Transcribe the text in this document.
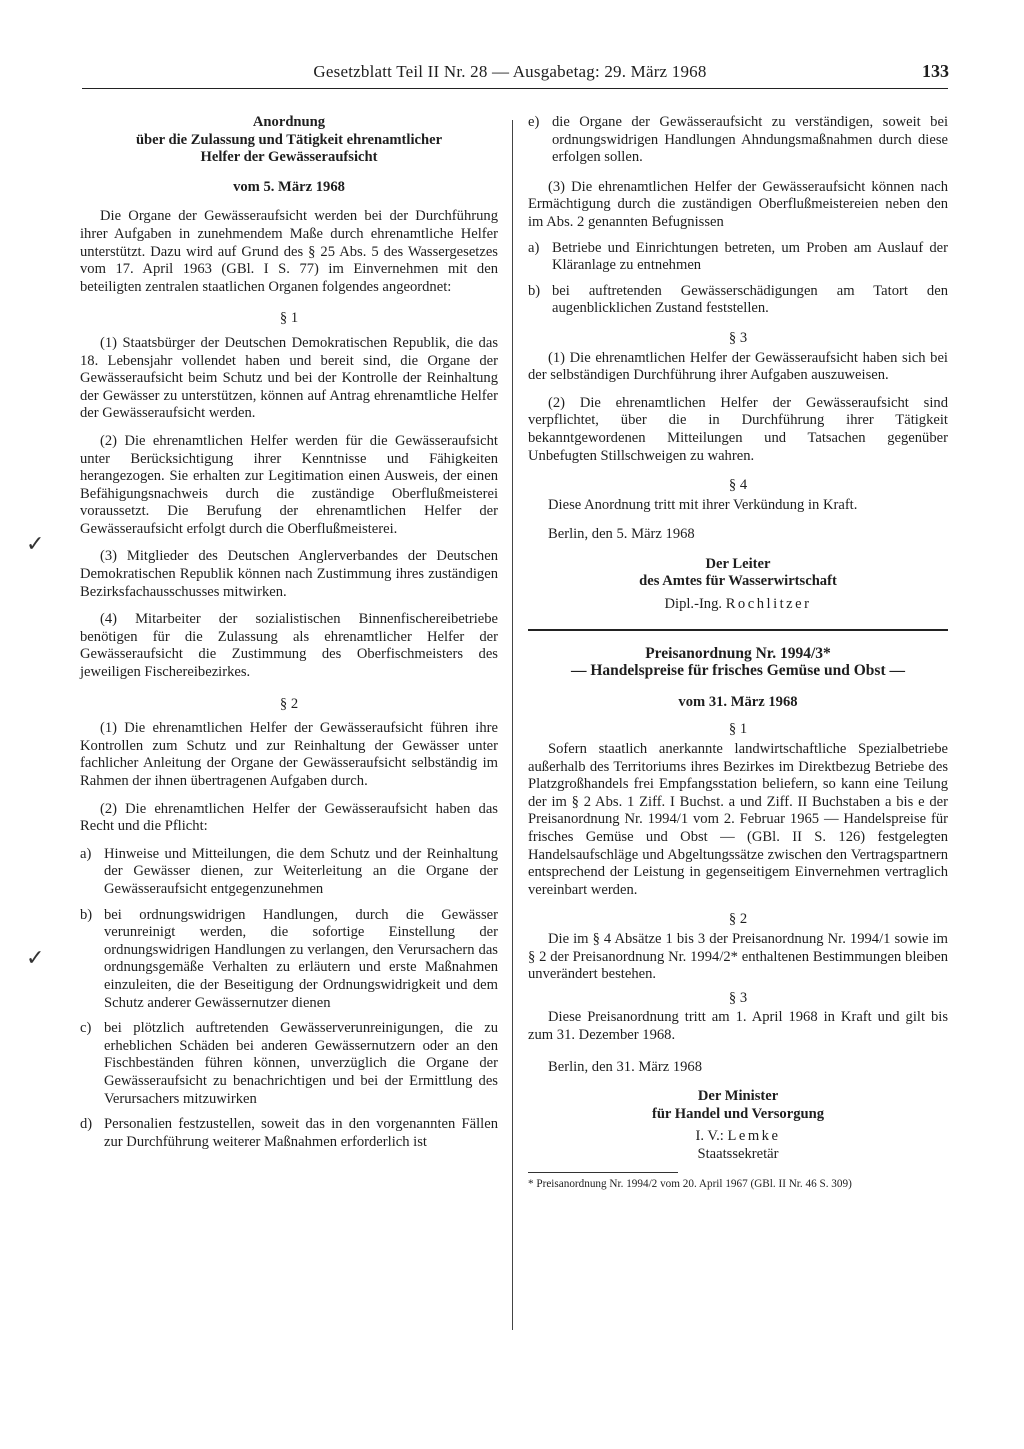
Gesetzblatt Teil II Nr. 28 — Ausgabetag: 29. März 1968	133
✓
✓

Anordnung

über die Zulassung und Tätigkeit ehrenamtlicher

Helfer der Gewässeraufsicht

vom 5. März 1968

Die Organe der Gewässeraufsicht werden bei der Durchführung ihrer Aufgaben in zunehmendem Maße durch ehrenamtliche Helfer unterstützt. Dazu wird auf Grund des § 25 Abs. 5 des Wassergesetzes vom 17. April 1963 (GBl. I S. 77) im Einvernehmen mit den beteiligten zentralen staatlichen Organen folgendes angeordnet:

§ 1

(1) Staatsbürger der Deutschen Demokratischen Republik, die das 18. Lebensjahr vollendet haben und bereit sind, die Organe der Gewässeraufsicht beim Schutz und bei der Kontrolle der Reinhaltung der Gewässer zu unterstützen, können auf Antrag ehrenamtliche Helfer der Gewässeraufsicht werden.

(2) Die ehrenamtlichen Helfer werden für die Gewässeraufsicht unter Berücksichtigung ihrer Kenntnisse und Fähigkeiten herangezogen. Sie erhalten zur Legitimation einen Ausweis, der einen Befähigungsnachweis durch die zuständige Oberflußmeisterei voraussetzt. Die Berufung der ehrenamtlichen Helfer der Gewässeraufsicht erfolgt durch die Oberflußmeisterei.

(3) Mitglieder des Deutschen Anglerverbandes der Deutschen Demokratischen Republik können nach Zustimmung ihres zuständigen Bezirksfachausschusses mitwirken.

(4) Mitarbeiter der sozialistischen Binnenfischereibetriebe benötigen für die Zulassung als ehrenamtlicher Helfer der Gewässeraufsicht die Zustimmung des Oberfischmeisters des jeweiligen Fischereibezirkes.

§ 2

(1) Die ehrenamtlichen Helfer der Gewässeraufsicht führen ihre Kontrollen zum Schutz und zur Reinhaltung der Gewässer unter fachlicher Anleitung der Organe der Gewässeraufsicht selbständig im Rahmen der ihnen übertragenen Aufgaben durch.

(2) Die ehrenamtlichen Helfer der Gewässeraufsicht haben das Recht und die Pflicht:

a) Hinweise und Mitteilungen, die dem Schutz und der Reinhaltung der Gewässer dienen, zur Weiterleitung an die Organe der Gewässeraufsicht entgegenzunehmen
b) bei ordnungswidrigen Handlungen, durch die Gewässer verunreinigt werden, die sofortige Einstellung der ordnungswidrigen Handlungen zu verlangen, den Verursachern das ordnungsgemäße Verhalten zu erläutern und erste Maßnahmen einzuleiten, die der Beseitigung der Ordnungswidrigkeit und dem Schutz anderer Gewässernutzer dienen
c) bei plötzlich auftretenden Gewässerverunreinigungen, die zu erheblichen Schäden bei anderen Gewässernutzern oder an den Fischbeständen führen können, unverzüglich die Organe der Gewässeraufsicht zu benachrichtigen und bei der Ermittlung des Verursachers mitzuwirken
d) Personalien festzustellen, soweit das in den vorgenannten Fällen zur Durchführung weiterer Maßnahmen erforderlich ist
e) die Organe der Gewässeraufsicht zu verständigen, soweit bei ordnungswidrigen Handlungen Ahndungsmaßnahmen durch diese erfolgen sollen.

(3) Die ehrenamtlichen Helfer der Gewässeraufsicht können nach Ermächtigung durch die zuständigen Oberflußmeistereien neben den im Abs. 2 genannten Befugnissen

a) Betriebe und Einrichtungen betreten, um Proben am Auslauf der Kläranlage zu entnehmen
b) bei auftretenden Gewässerschädigungen am Tatort den augenblicklichen Zustand feststellen.

§ 3

(1) Die ehrenamtlichen Helfer der Gewässeraufsicht haben sich bei der selbständigen Durchführung ihrer Aufgaben auszuweisen.

(2) Die ehrenamtlichen Helfer der Gewässeraufsicht sind verpflichtet, über die in Durchführung ihrer Tätigkeit bekanntgewordenen Mitteilungen und Tatsachen gegenüber Unbefugten Stillschweigen zu wahren.

§ 4

Diese Anordnung tritt mit ihrer Verkündung in Kraft.

Berlin, den 5. März 1968

Der Leiter

des Amtes für Wasserwirtschaft

Dipl.-Ing. Rochlitzer

Preisanordnung Nr. 1994/3*

— Handelspreise für frisches Gemüse und Obst —

vom 31. März 1968

§ 1

Sofern staatlich anerkannte landwirtschaftliche Spezialbetriebe außerhalb des Territoriums ihres Bezirkes im Direktbezug Betriebe des Platzgroßhandels frei Empfangsstation beliefern, so kann eine Teilung der im § 2 Abs. 1 Ziff. I Buchst. a und Ziff. II Buchstaben a bis e der Preisanordnung Nr. 1994/1 vom 2. Februar 1965 — Handelspreise für frisches Gemüse und Obst — (GBl. II S. 126) festgelegten Handelsaufschläge und Abgeltungssätze zwischen den Vertragspartnern entsprechend der Leistung in gegenseitigem Einvernehmen vertraglich vereinbart werden.

§ 2

Die im § 4 Absätze 1 bis 3 der Preisanordnung Nr. 1994/1 sowie im § 2 der Preisanordnung Nr. 1994/2* enthaltenen Bestimmungen bleiben unverändert bestehen.

§ 3

Diese Preisanordnung tritt am 1. April 1968 in Kraft und gilt bis zum 31. Dezember 1968.

Berlin, den 31. März 1968

Der Minister

für Handel und Versorgung

I. V.: Lemke

Staatssekretär

* Preisanordnung Nr. 1994/2 vom 20. April 1967 (GBl. II Nr. 46 S. 309)
